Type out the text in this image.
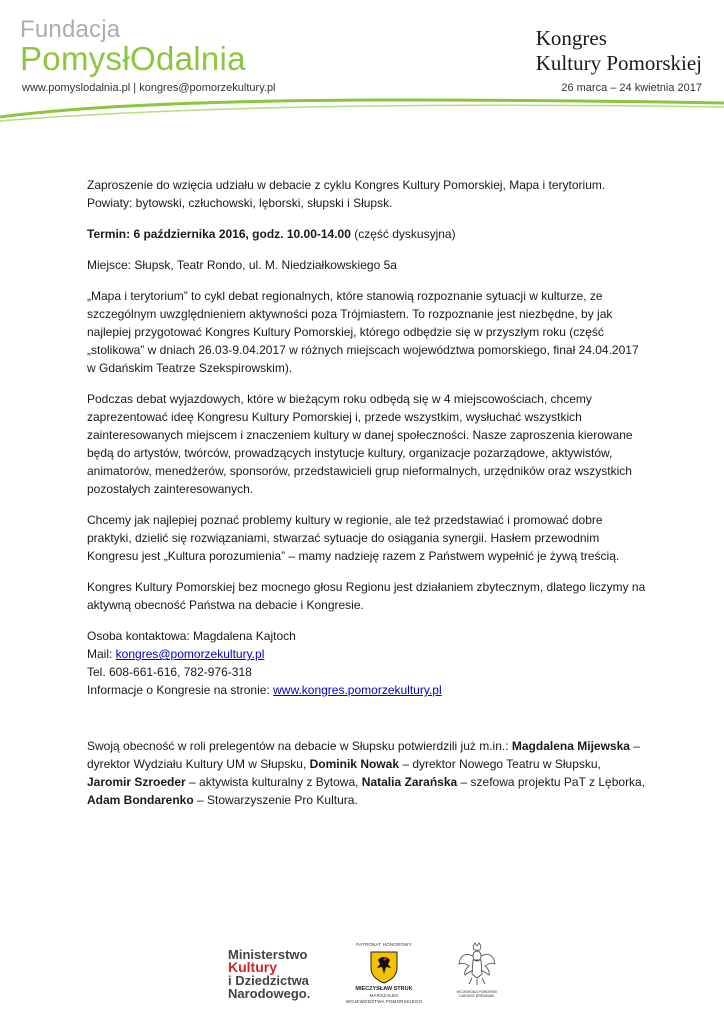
Fundacja
PomysłOdalnia
Kongres
Kultury Pomorskiej
www.pomyslodalnia.pl | kongres@pomorzekultury.pl	26 marca – 24 kwietnia 2017

Zaproszenie do wzięcia udziału w debacie z cyklu Kongres Kultury Pomorskiej, Mapa i terytorium. Powiaty: bytowski, człuchowski, lęborski, słupski i Słupsk.

Termin: 6 października 2016, godz. 10.00-14.00 (część dyskusyjna)

Miejsce: Słupsk, Teatr Rondo, ul. M. Niedziałkowskiego 5a

„Mapa i terytorium” to cykl debat regionalnych, które stanowią rozpoznanie sytuacji w kulturze, ze szczególnym uwzględnieniem aktywności poza Trójmiastem. To rozpoznanie jest niezbędne, by jak najlepiej przygotować Kongres Kultury Pomorskiej, którego odbędzie się w przyszłym roku (część „stolikowa” w dniach 26.03-9.04.2017 w różnych miejscach województwa pomorskiego, finał 24.04.2017 w Gdańskim Teatrze Szekspirowskim).

Podczas debat wyjazdowych, które w bieżącym roku odbędą się w 4 miejscowościach, chcemy zaprezentować ideę Kongresu Kultury Pomorskiej i, przede wszystkim, wysłuchać wszystkich zainteresowanych miejscem i znaczeniem kultury w danej społeczności. Nasze zaproszenia kierowane będą do artystów, twórców, prowadzących instytucje kultury, organizacje pozarządowe, aktywistów, animatorów, menedżerów, sponsorów, przedstawicieli grup nieformalnych, urzędników oraz wszystkich pozostałych zainteresowanych.

Chcemy jak najlepiej poznać problemy kultury w regionie, ale też przedstawiać i promować dobre praktyki, dzielić się rozwiązaniami, stwarzać sytuacje do osiągania synergii. Hasłem przewodnim Kongresu jest „Kultura porozumienia” – mamy nadzieję razem z Państwem wypełnić je żywą treścią.

Kongres Kultury Pomorskiej bez mocnego głosu Regionu jest działaniem zbytecznym, dlatego liczymy na aktywną obecność Państwa na debacie i Kongresie.

Osoba kontaktowa: Magdalena Kajtoch
Mail: kongres@pomorzekultury.pl
Tel. 608-661-616, 782-976-318
Informacje o Kongresie na stronie: www.kongres.pomorzekultury.pl

Swoją obecność w roli prelegentów na debacie w Słupsku potwierdzili już m.in.: Magdalena Mijewska – dyrektor Wydziału Kultury UM w Słupsku, Dominik Nowak – dyrektor Nowego Teatru w Słupsku, Jaromir Szroeder – aktywista kulturalny z Bytowa, Natalia Zarańska – szefowa projektu PaT z Lęborka, Adam Bondarenko – Stowarzyszenie Pro Kultura.

Ministerstwo
Kultury
i Dziedzictwa
Narodowego.
PATRONAT HONOROWY
MIECZYSŁAW STRUK
MARSZAŁEK
WOJEWÓDZTWA POMORSKIEGO
WOJEWODA POMORSKI DARIUSZ DREWNIAK
